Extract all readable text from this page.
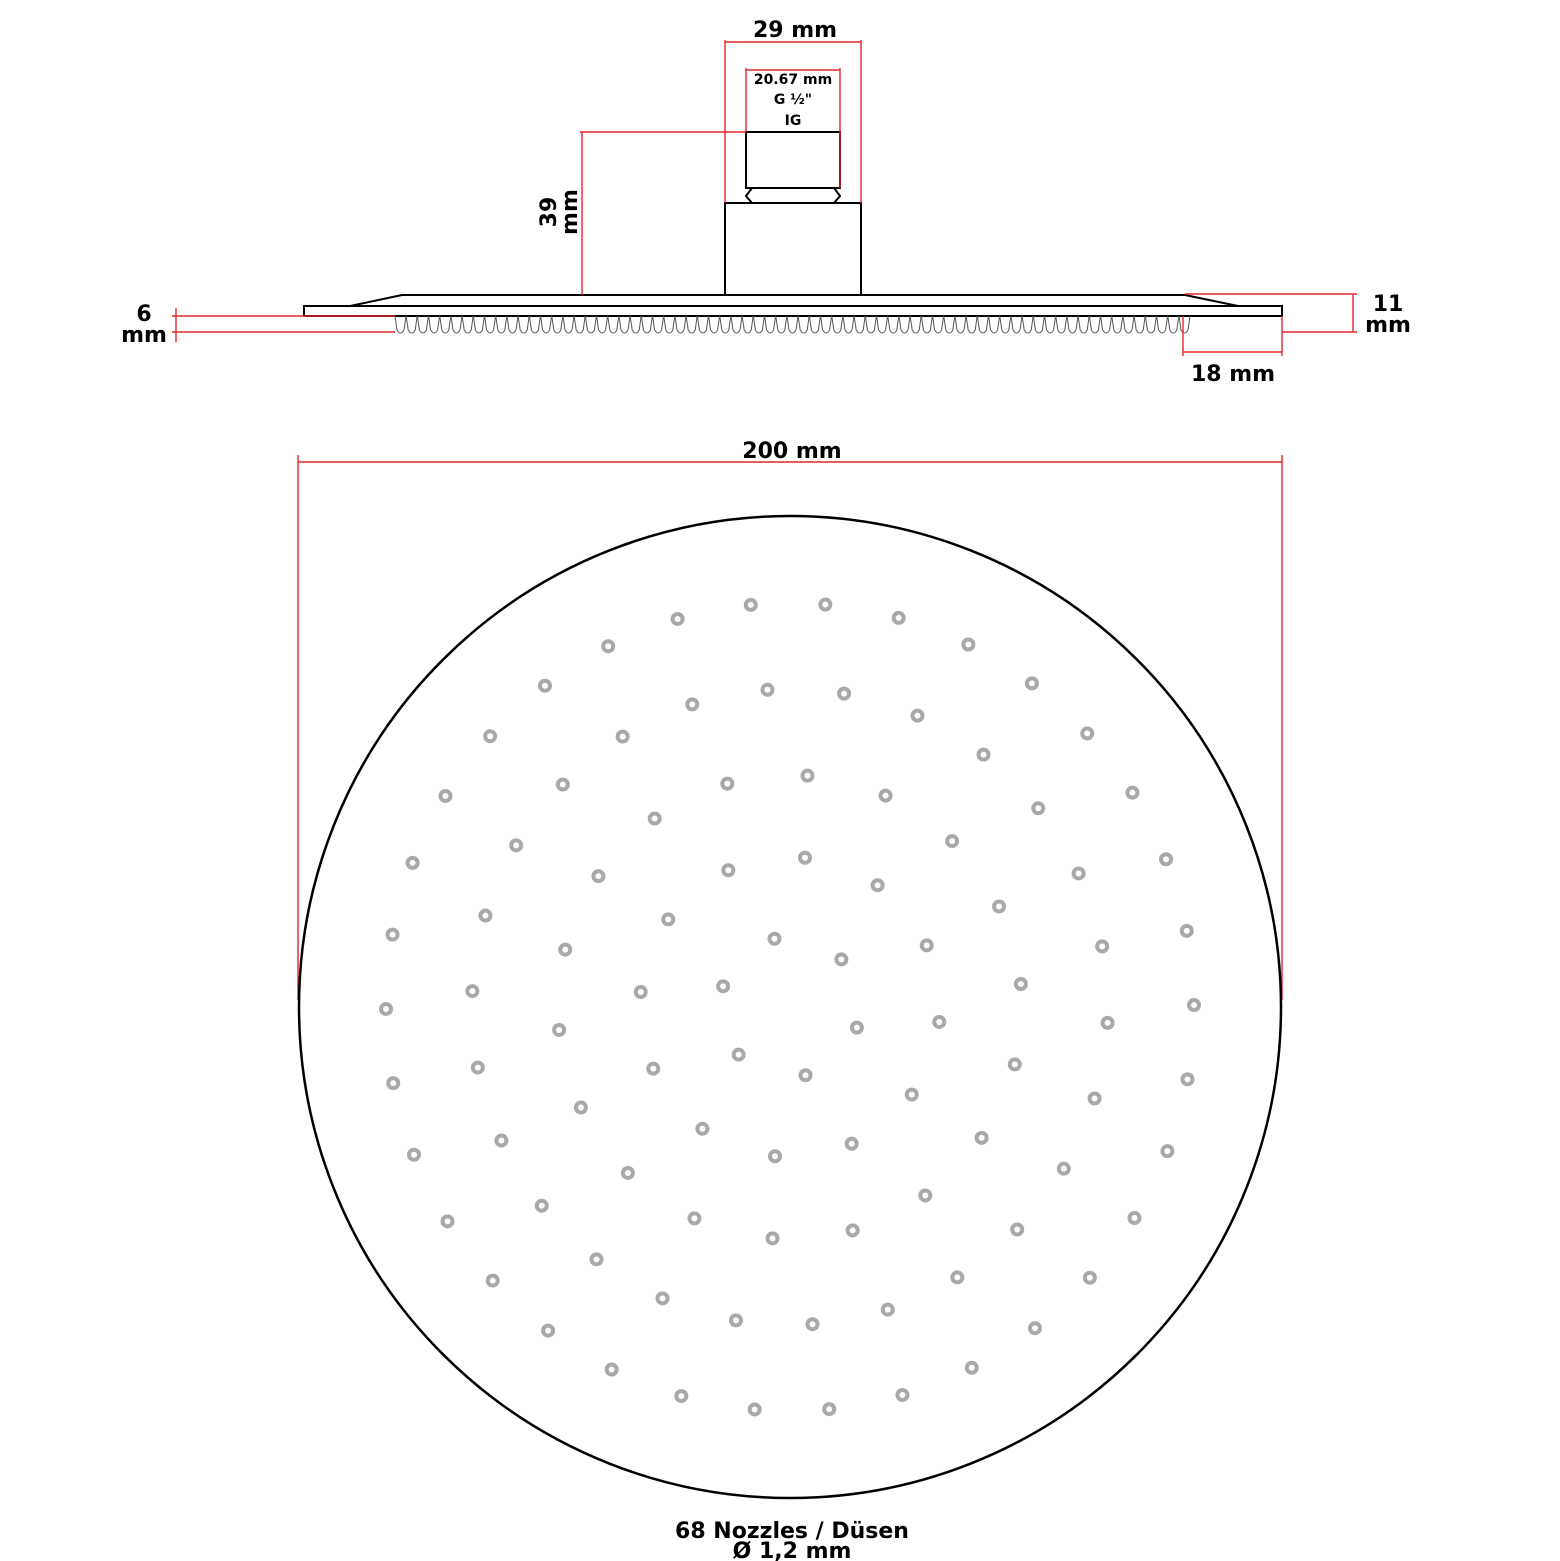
29 mm
20.67 mm
G ½"
IG
39
mm
6
mm
11
mm
18 mm
200 mm
68 Nozzles / Düsen
Ø 1,2 mm
